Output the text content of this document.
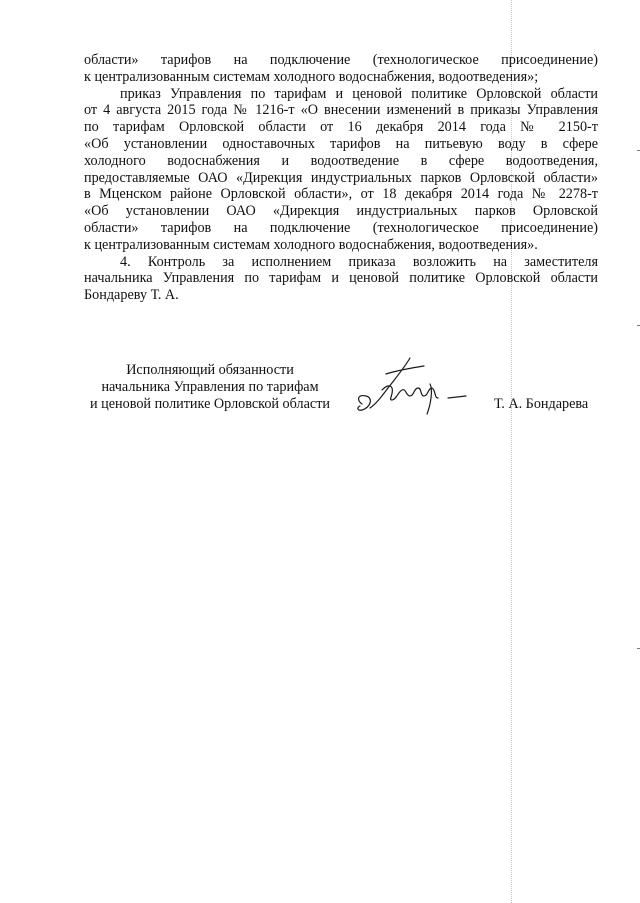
области» тарифов на подключение (технологическое присоединение)
к централизованным системам холодного водоснабжения, водоотведения»;
приказ Управления по тарифам и ценовой политике Орловской области
от 4 августа 2015 года № 1216-т «О внесении изменений в приказы Управления
по тарифам Орловской области от 16 декабря 2014 года № 2150-т
«Об установлении одноставочных тарифов на питьевую воду в сфере
холодного водоснабжения и водоотведение в сфере водоотведения,
предоставляемые ОАО «Дирекция индустриальных парков Орловской области»
в Мценском районе Орловской области», от 18 декабря 2014 года № 2278-т
«Об установлении ОАО «Дирекция индустриальных парков Орловской
области» тарифов на подключение (технологическое присоединение)
к централизованным системам холодного водоснабжения, водоотведения».
4. Контроль за исполнением приказа возложить на заместителя
начальника Управления по тарифам и ценовой политике Орловской области
Бондареву Т. А.
Исполняющий обязанности
начальника Управления по тарифам
и ценовой политике Орловской области	Т. А. Бондарева
